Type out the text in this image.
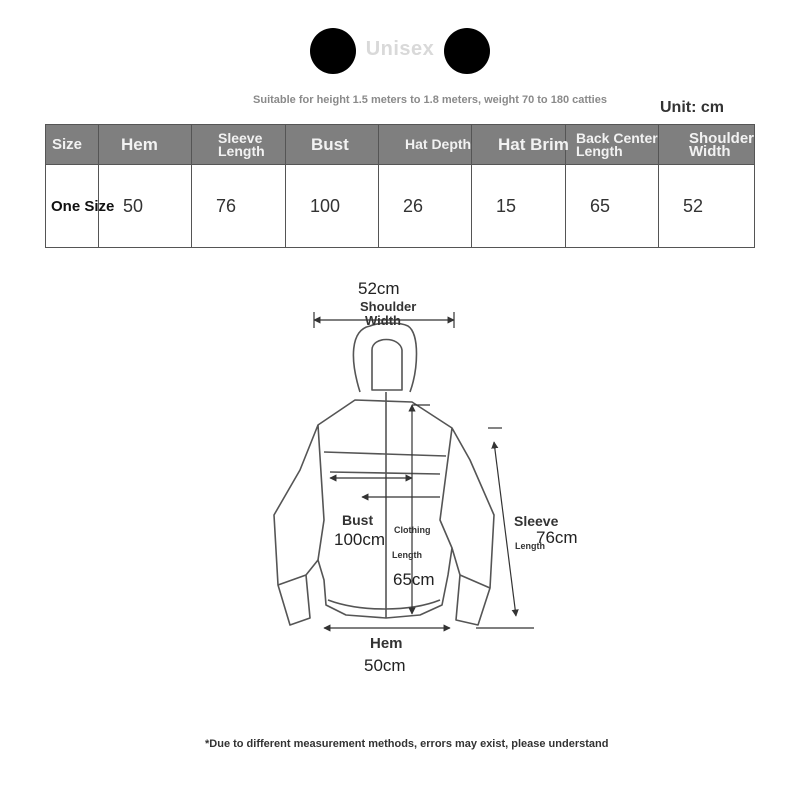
Unisex
Suitable for height 1.5 meters to 1.8 meters, weight 70 to 180 catties	Unit: cm
Size	Hem	Sleeve Length	Bust	Hat Depth	Hat Brim	Back Center Length	Shoulder Width
One Size	50	76	100	26	15	65	52
52cm
Shoulder
Width
Bust
100cm Clothing
Length
65cm
Sleeve
Length
76cm
Hem
50cm
*Due to different measurement methods, errors may exist, please understand
